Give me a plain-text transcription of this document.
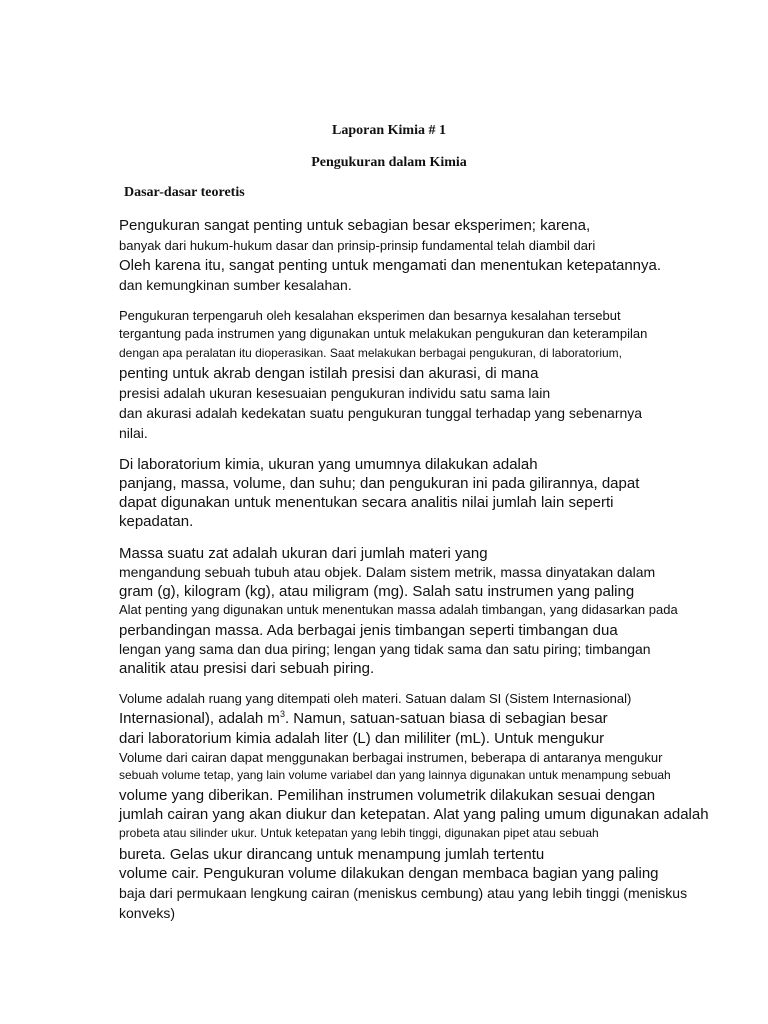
Laporan Kimia # 1
Pengukuran dalam Kimia
Dasar-dasar teoretis
Pengukuran sangat penting untuk sebagian besar eksperimen; karena,
banyak dari hukum-hukum dasar dan prinsip-prinsip fundamental telah diambil dari
Oleh karena itu, sangat penting untuk mengamati dan menentukan ketepatannya.
dan kemungkinan sumber kesalahan.
Pengukuran terpengaruh oleh kesalahan eksperimen dan besarnya kesalahan tersebut
tergantung pada instrumen yang digunakan untuk melakukan pengukuran dan keterampilan
dengan apa peralatan itu dioperasikan. Saat melakukan berbagai pengukuran, di laboratorium,
penting untuk akrab dengan istilah presisi dan akurasi, di mana
presisi adalah ukuran kesesuaian pengukuran individu satu sama lain
dan akurasi adalah kedekatan suatu pengukuran tunggal terhadap yang sebenarnya
nilai.
Di laboratorium kimia, ukuran yang umumnya dilakukan adalah
panjang, massa, volume, dan suhu; dan pengukuran ini pada gilirannya, dapat
dapat digunakan untuk menentukan secara analitis nilai jumlah lain seperti
kepadatan.
Massa suatu zat adalah ukuran dari jumlah materi yang
mengandung sebuah tubuh atau objek. Dalam sistem metrik, massa dinyatakan dalam
gram (g), kilogram (kg), atau miligram (mg). Salah satu instrumen yang paling
Alat penting yang digunakan untuk menentukan massa adalah timbangan, yang didasarkan pada
perbandingan massa. Ada berbagai jenis timbangan seperti timbangan dua
lengan yang sama dan dua piring; lengan yang tidak sama dan satu piring; timbangan
analitik atau presisi dari sebuah piring.
Volume adalah ruang yang ditempati oleh materi. Satuan dalam SI (Sistem Internasional)
Internasional), adalah $m^3$. Namun, satuan-satuan biasa di sebagian besar
dari laboratorium kimia adalah liter (L) dan mililiter (mL). Untuk mengukur
Volume dari cairan dapat menggunakan berbagai instrumen, beberapa di antaranya mengukur
sebuah volume tetap, yang lain volume variabel dan yang lainnya digunakan untuk menampung sebuah
volume yang diberikan. Pemilihan instrumen volumetrik dilakukan sesuai dengan
jumlah cairan yang akan diukur dan ketepatan. Alat yang paling umum digunakan adalah
probeta atau silinder ukur. Untuk ketepatan yang lebih tinggi, digunakan pipet atau sebuah
bureta. Gelas ukur dirancang untuk menampung jumlah tertentu
volume cair. Pengukuran volume dilakukan dengan membaca bagian yang paling
baja dari permukaan lengkung cairan (meniskus cembung) atau yang lebih tinggi (meniskus
konveks)
